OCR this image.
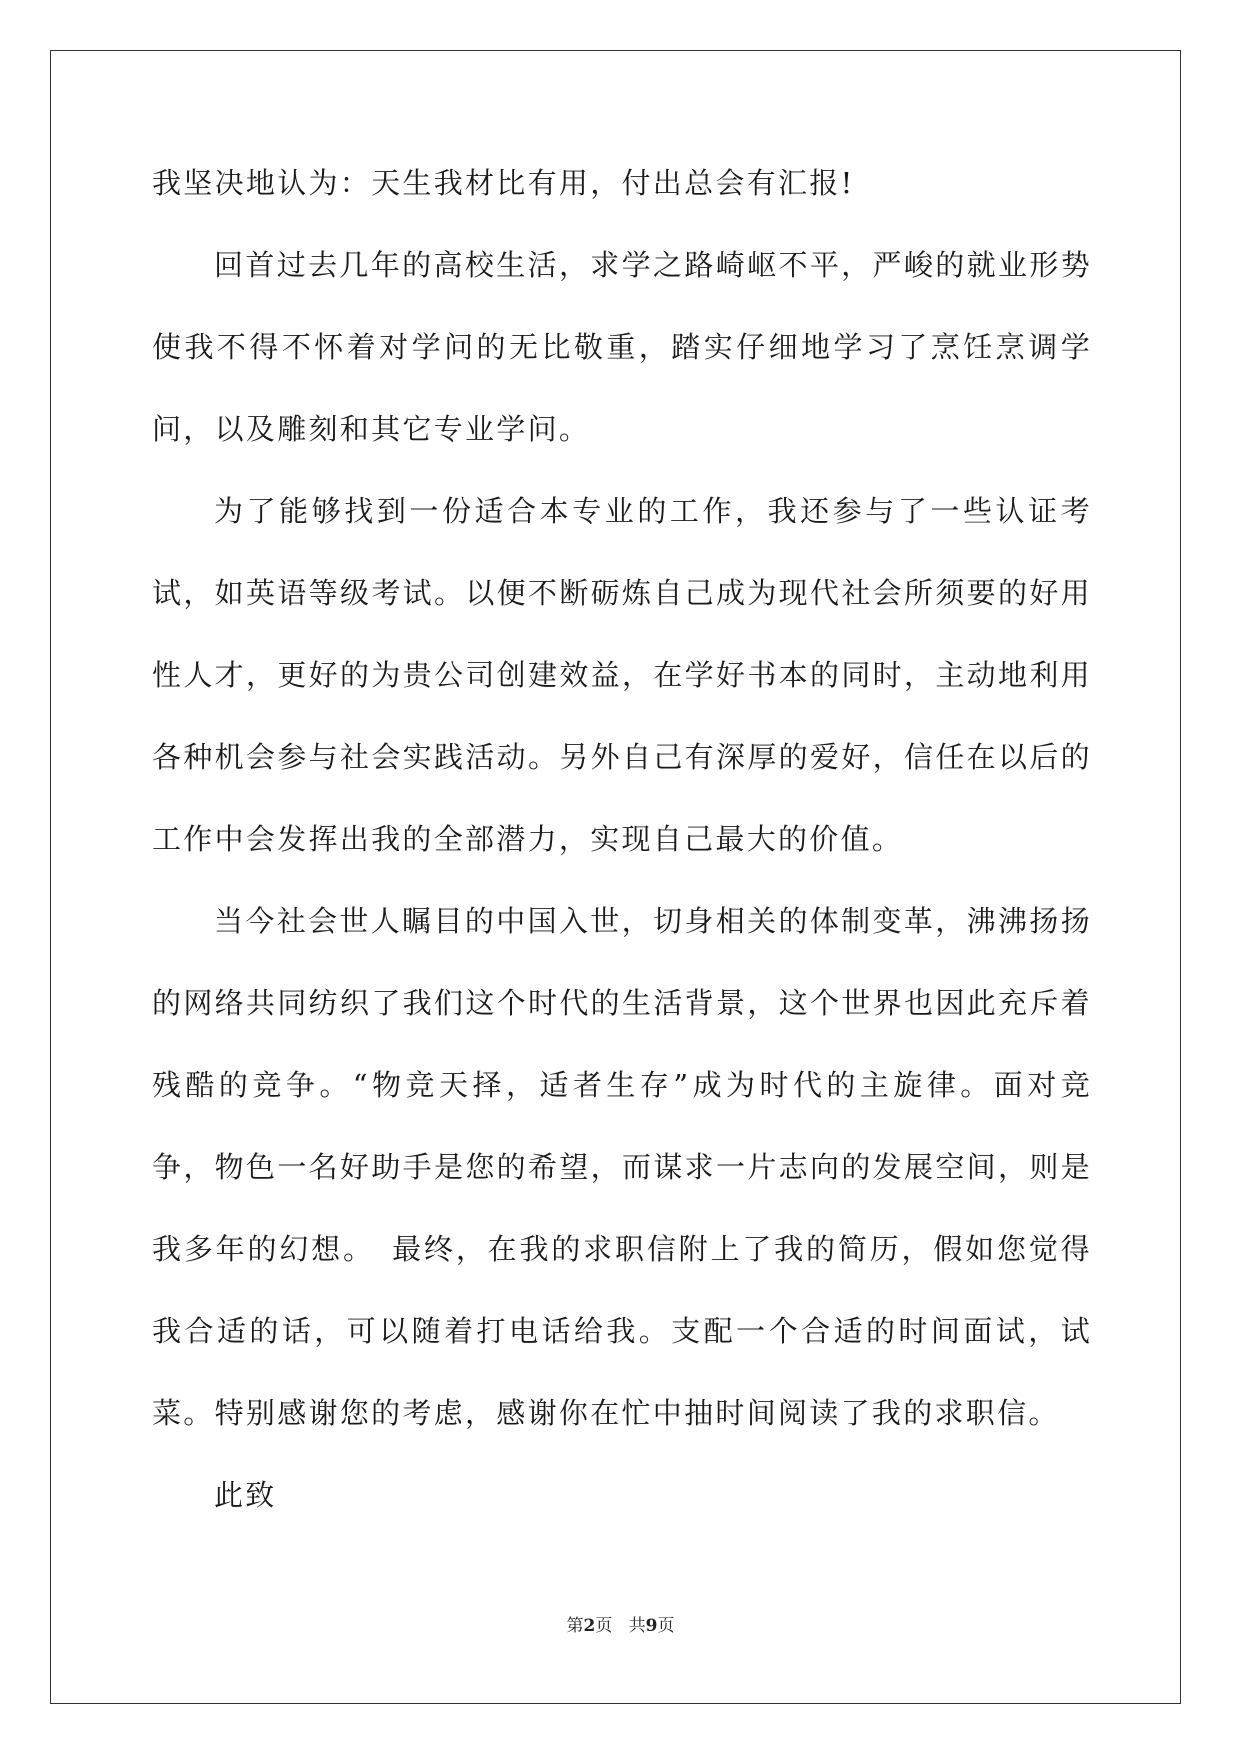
我坚决地认为：天生我材比有用，付出总会有汇报!

回首过去几年的高校生活，求学之路崎岖不平，严峻的就业形势使我不得不怀着对学问的无比敬重，踏实仔细地学习了烹饪烹调学问，以及雕刻和其它专业学问。

为了能够找到一份适合本专业的工作，我还参与了一些认证考试，如英语等级考试。以便不断砺炼自己成为现代社会所须要的好用性人才，更好的为贵公司创建效益，在学好书本的同时，主动地利用各种机会参与社会实践活动。另外自己有深厚的爱好，信任在以后的工作中会发挥出我的全部潜力，实现自己最大的价值。

当今社会世人瞩目的中国入世，切身相关的体制变革，沸沸扬扬的网络共同纺织了我们这个时代的生活背景，这个世界也因此充斥着残酷的竞争。“物竞天择，适者生存”成为时代的主旋律。面对竞争，物色一名好助手是您的希望，而谋求一片志向的发展空间，则是我多年的幻想。　最终，在我的求职信附上了我的简历，假如您觉得我合适的话，可以随着打电话给我。支配一个合适的时间面试，试菜。特别感谢您的考虑，感谢你在忙中抽时间阅读了我的求职信。

此致

第2页 共9页
